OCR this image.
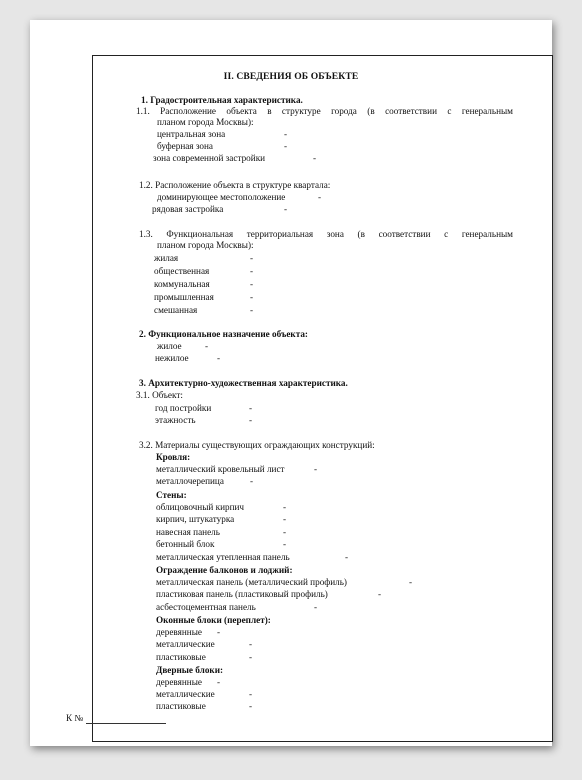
II. СВЕДЕНИЯ ОБ ОБЪЕКТЕ
1. Градостроительная характеристика.
1.1. Расположение объекта в структуре города (в соответствии с генеральным
планом города Москвы):
центральная зона	-
буферная зона	-
зона современной застройки	-
1.2. Расположение объекта в структуре квартала:
доминирующее местоположение	-
рядовая застройка	-
1.3. Функциональная территориальная зона (в соответствии с генеральным
планом города Москвы):
жилая	-
общественная	-
коммунальная	-
промышленная	-
смешанная	-
2. Функциональное назначение объекта:
жилое	-
нежилое	-
3. Архитектурно-художественная характеристика.
3.1. Объект:
год постройки	-
этажность	-
3.2. Материалы существующих ограждающих конструкций:
Кровля:
металлический кровельный лист	-
металлочерепица	-
Стены:
облицовочный кирпич	-
кирпич, штукатурка	-
навесная панель	-
бетонный блок	-
металлическая утепленная панель	-
Ограждение балконов и лоджий:
металлическая панель (металлический профиль)	-
пластиковая панель (пластиковый профиль)	-
асбестоцементная панель	-
Оконные блоки (переплет):
деревянные -
металлические	-
пластиковые	-
Дверные блоки:
деревянные -
металлические	-
пластиковые	-
К №
